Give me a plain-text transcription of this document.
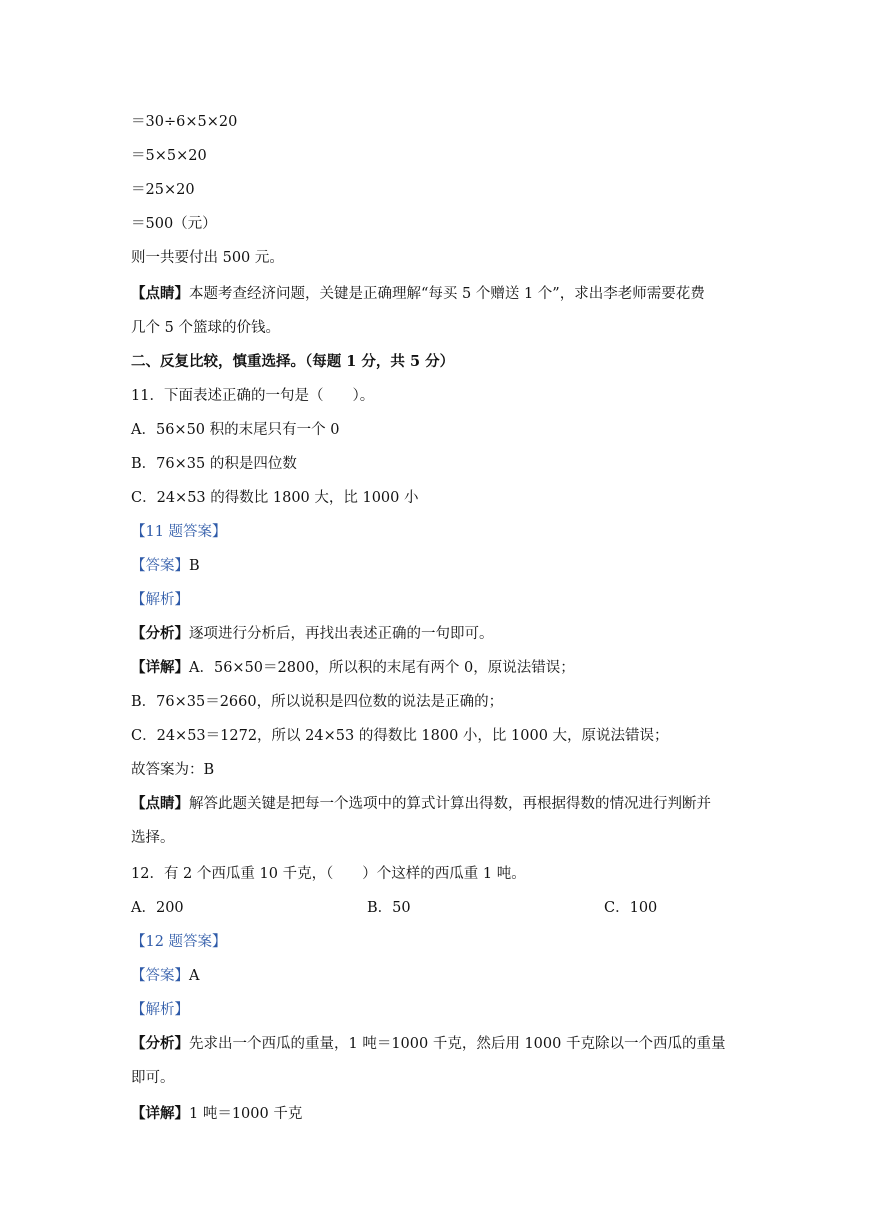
＝30÷6×5×20
＝5×5×20
＝25×20
＝500（元）
则一共要付出 500 元。
【点睛】本题考查经济问题，关键是正确理解“每买 5 个赠送 1 个”，求出李老师需要花费
几个 5 个篮球的价钱。
二、反复比较，慎重选择。（每题 1 分，共 5 分）
11．下面表述正确的一句是（　　）。
A．56×50 积的末尾只有一个 0
B．76×35 的积是四位数
C．24×53 的得数比 1800 大，比 1000 小
【11 题答案】
【答案】B
【解析】
【分析】逐项进行分析后，再找出表述正确的一句即可。
【详解】A．56×50＝2800，所以积的末尾有两个 0，原说法错误；
B．76×35＝2660，所以说积是四位数的说法是正确的；
C．24×53＝1272，所以 24×53 的得数比 1800 小，比 1000 大，原说法错误；
故答案为：B
【点睛】解答此题关键是把每一个选项中的算式计算出得数，再根据得数的情况进行判断并
选择。
12．有 2 个西瓜重 10 千克，（　　）个这样的西瓜重 1 吨。
A．200	B．50	C．100
【12 题答案】
【答案】A
【解析】
【分析】先求出一个西瓜的重量，1 吨＝1000 千克，然后用 1000 千克除以一个西瓜的重量
即可。
【详解】1 吨＝1000 千克
